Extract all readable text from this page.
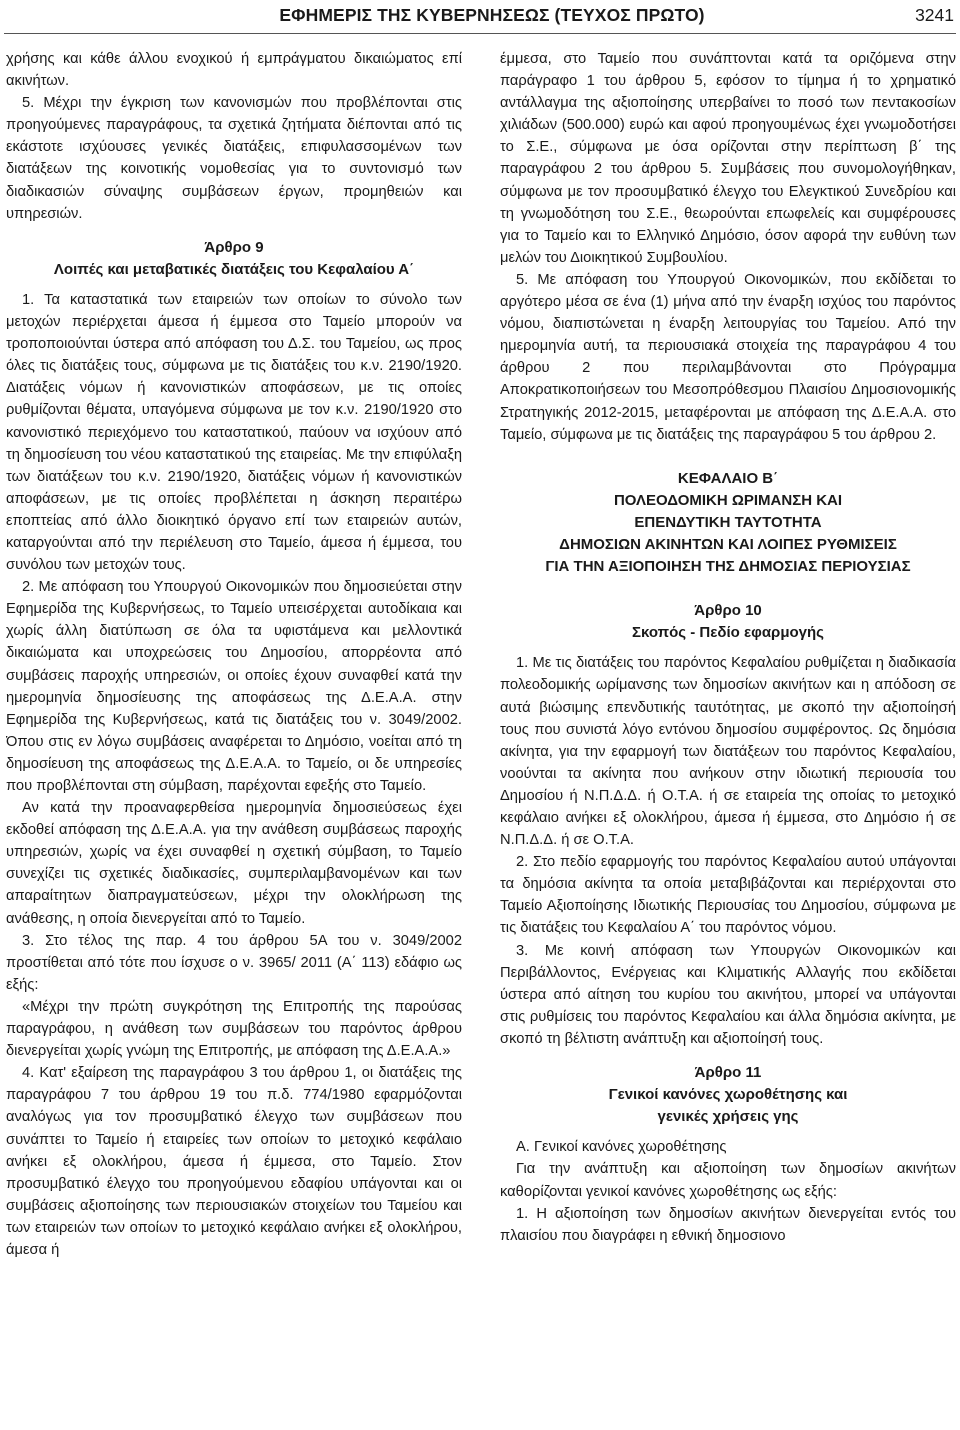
ΕΦΗΜΕΡΙΣ ΤΗΣ ΚΥΒΕΡΝΗΣΕΩΣ (ΤΕΥΧΟΣ ΠΡΩΤΟ)	3241

χρήσης και κάθε άλλου ενοχικού ή εμπράγματου δικαιώματος επί ακινήτων.

5. Μέχρι την έγκριση των κανονισμών που προβλέπονται στις προηγούμενες παραγράφους, τα σχετικά ζητήματα διέπονται από τις εκάστοτε ισχύουσες γενικές διατάξεις, επιφυλασσομένων των διατάξεων της κοινοτικής νομοθεσίας για το συντονισμό των διαδικασιών σύναψης συμβάσεων έργων, προμηθειών και υπηρεσιών.

Άρθρο 9

Λοιπές και μεταβατικές διατάξεις του Κεφαλαίου Α΄

1. Τα καταστατικά των εταιρειών των οποίων το σύνολο των μετοχών περιέρχεται άμεσα ή έμμεσα στο Ταμείο μπορούν να τροποποιούνται ύστερα από απόφαση του Δ.Σ. του Ταμείου, ως προς όλες τις διατάξεις τους, σύμφωνα με τις διατάξεις του κ.ν. 2190/1920. Διατάξεις νόμων ή κανονιστικών αποφάσεων, με τις οποίες ρυθμίζονται θέματα, υπαγόμενα σύμφωνα με τον κ.ν. 2190/1920 στο κανονιστικό περιεχόμενο του καταστατικού, παύουν να ισχύουν από τη δημοσίευση του νέου καταστατικού της εταιρείας. Με την επιφύλαξη των διατάξεων του κ.ν. 2190/1920, διατάξεις νόμων ή κανονιστικών αποφάσεων, με τις οποίες προβλέπεται η άσκηση περαιτέρω εποπτείας από άλλο διοικητικό όργανο επί των εταιρειών αυτών, καταργούνται από την περιέλευση στο Ταμείο, άμεσα ή έμμεσα, του συνόλου των μετοχών τους.

2. Με απόφαση του Υπουργού Οικονομικών που δημοσιεύεται στην Εφημερίδα της Κυβερνήσεως, το Ταμείο υπεισέρχεται αυτοδίκαια και χωρίς άλλη διατύπωση σε όλα τα υφιστάμενα και μελλοντικά δικαιώματα και υποχρεώσεις του Δημοσίου, απορρέοντα από συμβάσεις παροχής υπηρεσιών, οι οποίες έχουν συναφθεί κατά την ημερομηνία δημοσίευσης της αποφάσεως της Δ.Ε.Α.Α. στην Εφημερίδα της Κυβερνήσεως, κατά τις διατάξεις του ν. 3049/2002. Όπου στις εν λόγω συμβάσεις αναφέρεται το Δημόσιο, νοείται από τη δημοσίευση της αποφάσεως της Δ.Ε.Α.Α. το Ταμείο, οι δε υπηρεσίες που προβλέπονται στη σύμβαση, παρέχονται εφεξής στο Ταμείο.

Αν κατά την προαναφερθείσα ημερομηνία δημοσιεύσεως έχει εκδοθεί απόφαση της Δ.Ε.Α.Α. για την ανάθεση συμβάσεως παροχής υπηρεσιών, χωρίς να έχει συναφθεί η σχετική σύμβαση, το Ταμείο συνεχίζει τις σχετικές διαδικασίες, συμπεριλαμβανομένων και των απαραίτητων διαπραγματεύσεων, μέχρι την ολοκλήρωση της ανάθεσης, η οποία διενεργείται από το Ταμείο.

3. Στο τέλος της παρ. 4 του άρθρου 5Α του ν. 3049/2002 προστίθεται από τότε που ίσχυσε ο ν. 3965/ 2011 (Α΄ 113) εδάφιο ως εξής:

«Μέχρι την πρώτη συγκρότηση της Επιτροπής της παρούσας παραγράφου, η ανάθεση των συμβάσεων του παρόντος άρθρου διενεργείται χωρίς γνώμη της Επιτροπής, με απόφαση της Δ.Ε.Α.Α.»

4. Κατ' εξαίρεση της παραγράφου 3 του άρθρου 1, οι διατάξεις της παραγράφου 7 του άρθρου 19 του π.δ. 774/1980 εφαρμόζονται αναλόγως για τον προσυμβατικό έλεγχο των συμβάσεων που συνάπτει το Ταμείο ή εταιρείες των οποίων το μετοχικό κεφάλαιο ανήκει εξ ολοκλήρου, άμεσα ή έμμεσα, στο Ταμείο. Στον προσυμβατικό έλεγχο του προηγούμενου εδαφίου υπάγονται και οι συμβάσεις αξιοποίησης των περιουσιακών στοιχείων του Ταμείου και των εταιρειών των οποίων το μετοχικό κεφάλαιο ανήκει εξ ολοκλήρου, άμεσα ή

έμμεσα, στο Ταμείο που συνάπτονται κατά τα οριζόμενα στην παράγραφο 1 του άρθρου 5, εφόσον το τίμημα ή το χρηματικό αντάλλαγμα της αξιοποίησης υπερβαίνει το ποσό των πεντακοσίων χιλιάδων (500.000) ευρώ και αφού προηγουμένως έχει γνωμοδοτήσει το Σ.Ε., σύμφωνα με όσα ορίζονται στην περίπτωση β΄ της παραγράφου 2 του άρθρου 5. Συμβάσεις που συνομολογήθηκαν, σύμφωνα με τον προσυμβατικό έλεγχο του Ελεγκτικού Συνεδρίου και τη γνωμοδότηση του Σ.Ε., θεωρούνται επωφελείς και συμφέρουσες για το Ταμείο και το Ελληνικό Δημόσιο, όσον αφορά την ευθύνη των μελών του Διοικητικού Συμβουλίου.

5. Με απόφαση του Υπουργού Οικονομικών, που εκδίδεται το αργότερο μέσα σε ένα (1) μήνα από την έναρξη ισχύος του παρόντος νόμου, διαπιστώνεται η έναρξη λειτουργίας του Ταμείου. Από την ημερομηνία αυτή, τα περιουσιακά στοιχεία της παραγράφου 4 του άρθρου 2 που περιλαμβάνονται στο Πρόγραμμα Αποκρατικοποιήσεων του Μεσοπρόθεσμου Πλαισίου Δημοσιονομικής Στρατηγικής 2012-2015, μεταφέρονται με απόφαση της Δ.Ε.Α.Α. στο Ταμείο, σύμφωνα με τις διατάξεις της παραγράφου 5 του άρθρου 2.

ΚΕΦΑΛΑΙΟ Β΄

ΠΟΛΕΟΔΟΜΙΚΗ ΩΡΙΜΑΝΣΗ ΚΑΙ

ΕΠΕΝΔΥΤΙΚΗ ΤΑΥΤΟΤΗΤΑ

ΔΗΜΟΣΙΩΝ ΑΚΙΝΗΤΩΝ ΚΑΙ ΛΟΙΠΕΣ ΡΥΘΜΙΣΕΙΣ

ΓΙΑ ΤΗΝ ΑΞΙΟΠΟΙΗΣΗ ΤΗΣ ΔΗΜΟΣΙΑΣ ΠΕΡΙΟΥΣΙΑΣ

Άρθρο 10

Σκοπός - Πεδίο εφαρμογής

1. Με τις διατάξεις του παρόντος Κεφαλαίου ρυθμίζεται η διαδικασία πολεοδομικής ωρίμανσης των δημοσίων ακινήτων και η απόδοση σε αυτά βιώσιμης επενδυτικής ταυτότητας, με σκοπό την αξιοποίησή τους που συνιστά λόγο εντόνου δημοσίου συμφέροντος. Ως δημόσια ακίνητα, για την εφαρμογή των διατάξεων του παρόντος Κεφαλαίου, νοούνται τα ακίνητα που ανήκουν στην ιδιωτική περιουσία του Δημοσίου ή Ν.Π.Δ.Δ. ή Ο.Τ.Α. ή σε εταιρεία της οποίας το μετοχικό κεφάλαιο ανήκει εξ ολοκλήρου, άμεσα ή έμμεσα, στο Δημόσιο ή σε Ν.Π.Δ.Δ. ή σε Ο.Τ.Α.

2. Στο πεδίο εφαρμογής του παρόντος Κεφαλαίου αυτού υπάγονται τα δημόσια ακίνητα τα οποία μεταβιβάζονται και περιέρχονται στο Ταμείο Αξιοποίησης Ιδιωτικής Περιουσίας του Δημοσίου, σύμφωνα με τις διατάξεις του Κεφαλαίου Α΄ του παρόντος νόμου.

3. Με κοινή απόφαση των Υπουργών Οικονομικών και Περιβάλλοντος, Ενέργειας και Κλιματικής Αλλαγής που εκδίδεται ύστερα από αίτηση του κυρίου του ακινήτου, μπορεί να υπάγονται στις ρυθμίσεις του παρόντος Κεφαλαίου και άλλα δημόσια ακίνητα, με σκοπό τη βέλτιστη ανάπτυξη και αξιοποίησή τους.

Άρθρο 11

Γενικοί κανόνες χωροθέτησης και

γενικές χρήσεις γης

Α. Γενικοί κανόνες χωροθέτησης

Για την ανάπτυξη και αξιοποίηση των δημοσίων ακινήτων καθορίζονται γενικοί κανόνες χωροθέτησης ως εξής:

1. Η αξιοποίηση των δημοσίων ακινήτων διενεργείται εντός του πλαισίου που διαγράφει η εθνική δημοσιονο
